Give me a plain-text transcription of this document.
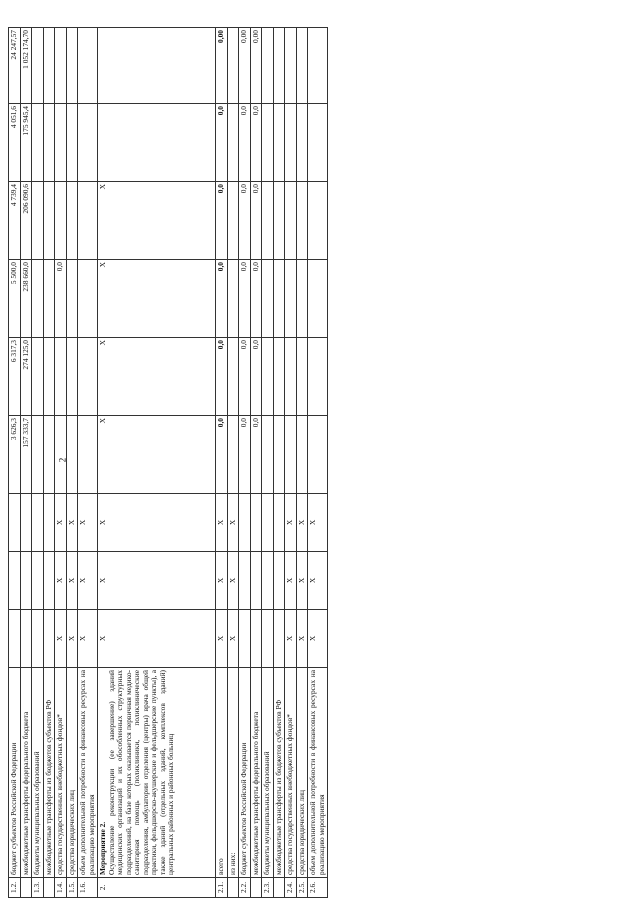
2
1.2.	бюджет субъектов Российской Федерации				3 626,3	6 317,3	5 500,0	4 739,4	4 051,6	24 247,57

	межбюджетные трансферты федерального бюджета				157 333,7	274 125,0	238 660,0	206 090,6	175 945,4	1 052 174,70
1.3.	бюджеты муниципальных образований									

	межбюджетные трансферты из бюджетов субъектов РФ									

1.4.	средства государственных внебюджетных фондов*	X	X	X			0,0			
1.5.	средства юридических лиц	X	X	X						
1.6.	объем дополнительной потребности в финансовых ресурсах на реализацию мероприятия	X	X	X						
2.	Мероприятие 2. Осуществление реконструкции (ее завершение) зданий медицинских организаций и их обособленных структурных подразделений, на базе которых оказывается первичная медико-санитарная помощь (поликлиники, поликлинические подразделения, амбулатории отделения (центры) врача общей практики, фельдшерско-акушерские и фельдшерские пункты), а также зданий (отдельных зданий, комплексов зданий) центральных районных и районных больниц	X	X	X	X	X	X	X		
2.1.	всего	X	X	X	0,0	0,0	0,0	0,0	0,0	0,00

	из них:	X	X	X						
2.2.	бюджет субъектов Российской Федерации				0,0	0,0	0,0	0,0	0,0	0,00

	межбюджетные трансферты федерального бюджета				0,0	0,0	0,0	0,0	0,0	0,00
2.3.	бюджеты муниципальных образований									

	межбюджетные трансферты из бюджетов субъектов РФ									

2.4.	средства государственных внебюджетных фондов*	X	X	X						
2.5.	средства юридических лиц	X	X	X						
2.6.	объем дополнительной потребности в финансовых ресурсах на реализацию мероприятия	X	X	X						
